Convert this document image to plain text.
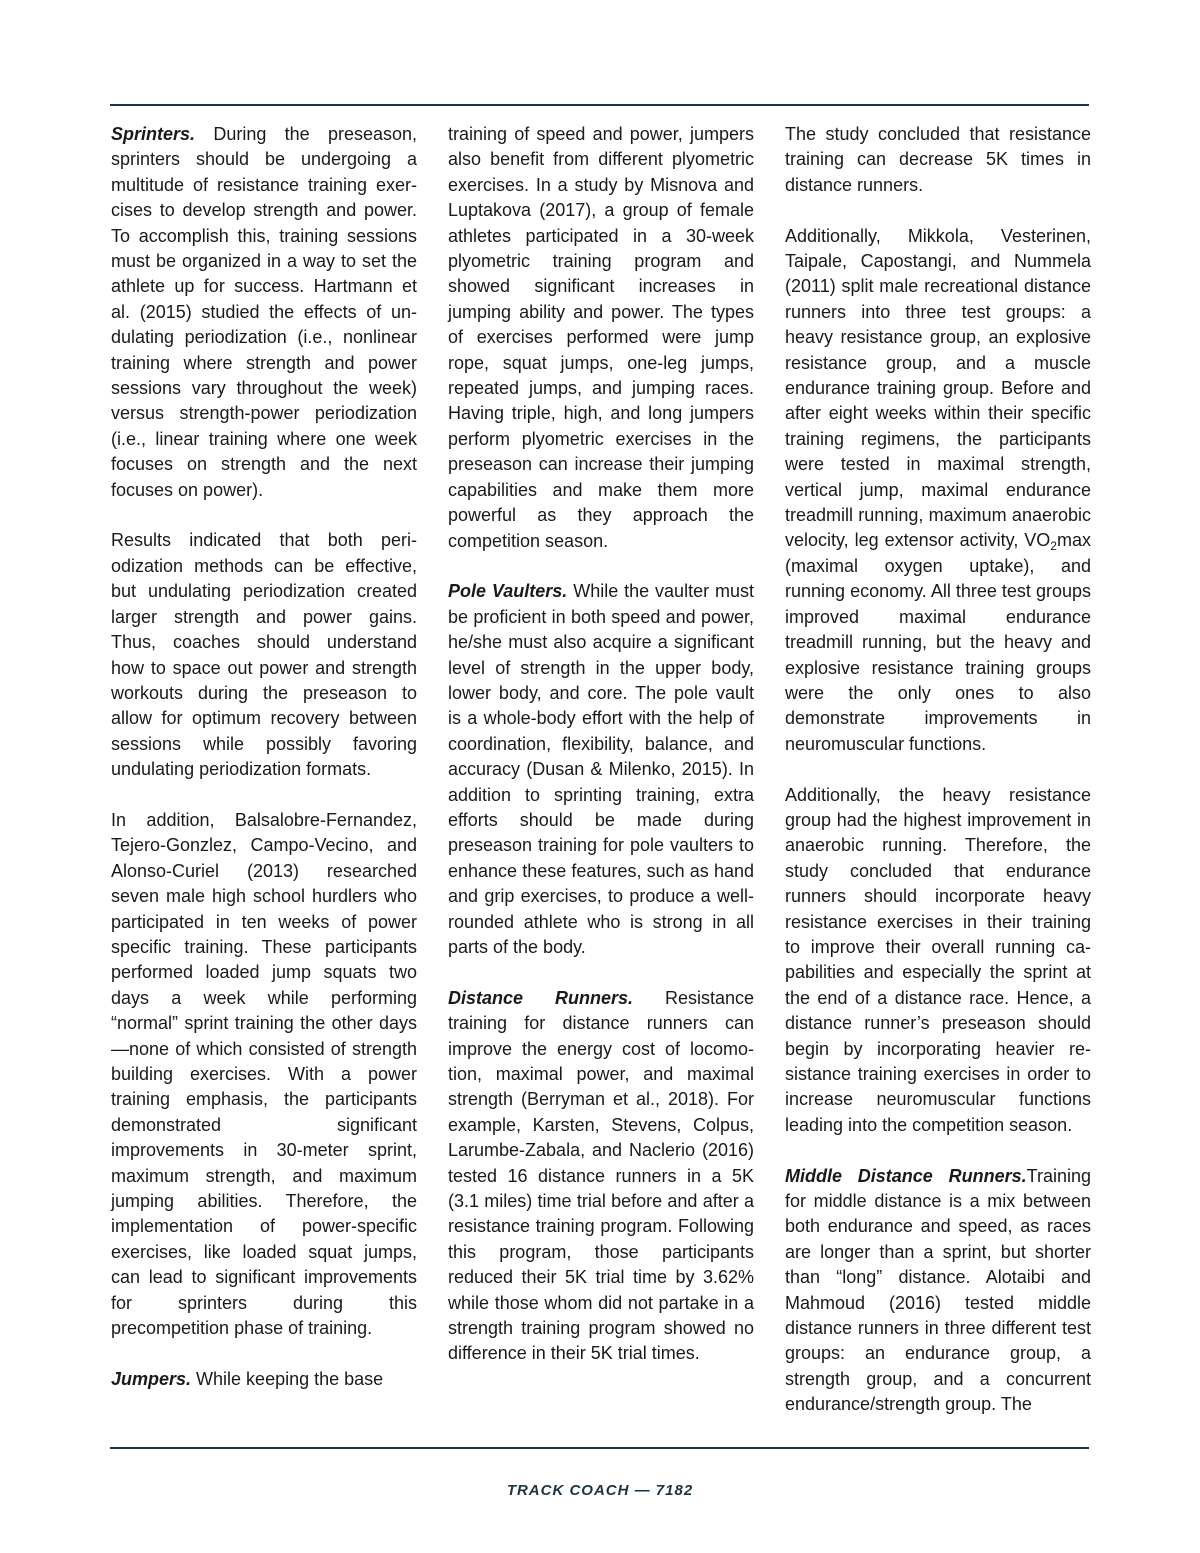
Sprinters. During the preseason, sprinters should be undergoing a multitude of resistance training exercises to develop strength and power. To accomplish this, training sessions must be organized in a way to set the athlete up for success. Hartmann et al. (2015) studied the effects of undulating periodization (i.e., nonlinear training where strength and power sessions vary throughout the week) versus strength-power periodization (i.e., linear training where one week focuses on strength and the next focuses on power).

Results indicated that both periodization methods can be effective, but undulating periodization created larger strength and power gains. Thus, coaches should understand how to space out power and strength workouts during the preseason to allow for optimum recovery between sessions while possibly favoring undulating periodization formats.

In addition, Balsalobre-Fernandez, Tejero-Gonzlez, Campo-Vecino, and Alonso-Curiel (2013) researched seven male high school hurdlers who participated in ten weeks of power specific training. These participants performed loaded jump squats two days a week while performing “normal” sprint training the other days—none of which consisted of strength building exercises. With a power training emphasis, the participants demonstrated significant improvements in 30-meter sprint, maximum strength, and maximum jumping abilities. Therefore, the implementation of power-specific exercises, like loaded squat jumps, can lead to significant improvements for sprinters during this precompetition phase of training.

Jumpers. While keeping the base

training of speed and power, jumpers also benefit from different plyometric exercises. In a study by Misnova and Luptakova (2017), a group of female athletes participated in a 30-week plyometric training program and showed significant increases in jumping ability and power. The types of exercises performed were jump rope, squat jumps, one-leg jumps, repeated jumps, and jumping races. Having triple, high, and long jumpers perform plyometric exercises in the preseason can increase their jumping capabilities and make them more powerful as they approach the competition season.

Pole Vaulters. While the vaulter must be proficient in both speed and power, he/she must also acquire a significant level of strength in the upper body, lower body, and core. The pole vault is a whole-body effort with the help of coordination, flexibility, balance, and accuracy (Dusan & Milenko, 2015). In addition to sprinting training, extra efforts should be made during preseason training for pole vaulters to enhance these features, such as hand and grip exercises, to produce a well-rounded athlete who is strong in all parts of the body.

Distance Runners. Resistance training for distance runners can improve the energy cost of locomotion, maximal power, and maximal strength (Berryman et al., 2018). For example, Karsten, Stevens, Colpus, Larumbe-Zabala, and Naclerio (2016) tested 16 distance runners in a 5K (3.1 miles) time trial before and after a resistance training program. Following this program, those participants reduced their 5K trial time by 3.62% while those whom did not partake in a strength training program showed no difference in their 5K trial times.

The study concluded that resistance training can decrease 5K times in distance runners.

Additionally, Mikkola, Vesterinen, Taipale, Capostangi, and Nummela (2011) split male recreational distance runners into three test groups: a heavy resistance group, an explosive resistance group, and a muscle endurance training group. Before and after eight weeks within their specific training regimens, the participants were tested in maximal strength, vertical jump, maximal endurance treadmill running, maximum anaerobic velocity, leg extensor activity, $VO_2\max$ (maximal oxygen uptake), and running economy. All three test groups improved maximal endurance treadmill running, but the heavy and explosive resistance training groups were the only ones to also demonstrate improvements in neuromuscular functions.

Additionally, the heavy resistance group had the highest improvement in anaerobic running. Therefore, the study concluded that endurance runners should incorporate heavy resistance exercises in their training to improve their overall running capabilities and especially the sprint at the end of a distance race. Hence, a distance runner’s preseason should begin by incorporating heavier resistance training exercises in order to increase neuromuscular functions leading into the competition season.

Middle Distance Runners.Training for middle distance is a mix between both endurance and speed, as races are longer than a sprint, but shorter than “long” distance. Alotaibi and Mahmoud (2016) tested middle distance runners in three different test groups: an endurance group, a strength group, and a concurrent endurance/strength group. The

TRACK COACH — 7182
